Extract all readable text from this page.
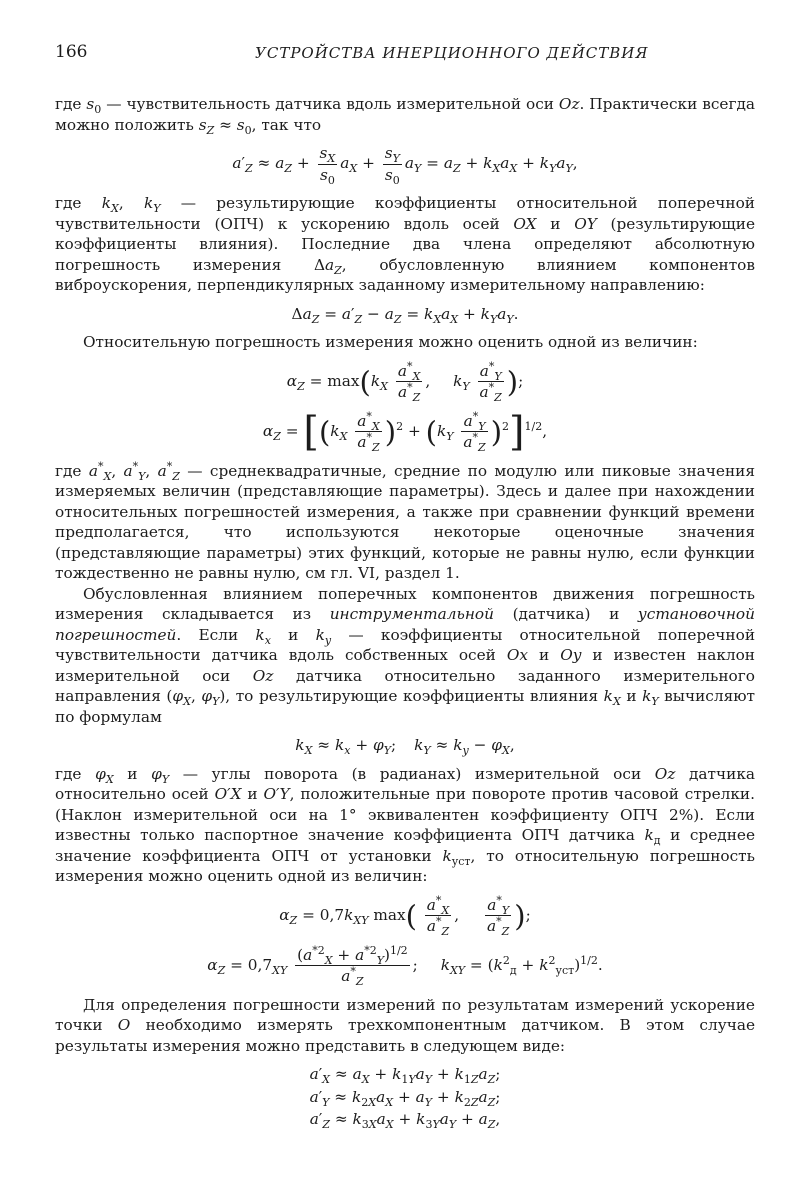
166	УСТРОЙСТВА ИНЕРЦИОННОГО ДЕЙСТВИЯ

где $s_0$ — чувствительность датчика вдоль измерительной оси Oz. Практически всегда можно положить $s_Z \approx s_0$, так что

$a'_Z \approx a_Z + \frac{s_X}{s_0} a_X + \frac{s_Y}{s_0} a_Y = a_Z + k_Xa_X + k_Ya_Y$,

где $k_X$, $k_Y$ — результирующие коэффициенты относительной поперечной чувствительности (ОПЧ) к ускорению вдоль осей OX и OY (результирующие коэффициенты влияния). Последние два члена определяют абсолютную погрешность измерения $\Delta a_Z$, обусловленную влиянием компонентов виброускорения, перпендикулярных заданному измерительному направлению:

$\Delta a_Z = a'_Z - a_Z = k_Xa_X + k_Ya_Y$.

Относительную погрешность измерения можно оценить одной из величин:

$\alpha_Z = \max(k_X \frac{a^*_X}{a^*_Z}$ , $k_Y \frac{a^*_Y}{a^*_Z}$ );
$\alpha_Z = [(k_X \frac{a^*_X}{a^*_Z} )^2 + (k_Y \frac{a^*_Y}{a^*_Z} )^2]^{1/2}$,

где $a^*_X$, $a^*_Y$, $a^*_Z$ — среднеквадратичные, средние по модулю или пиковые значения измеряемых величин (представляющие параметры). Здесь и далее при нахождении относительных погрешностей измерения, а также при сравнении функций времени предполагается, что используются некоторые оценочные значения (представляющие параметры) этих функций, которые не равны нулю, если функции тождественно не равны нулю, см гл. VI, раздел 1.

Обусловленная влиянием поперечных компонентов движения погрешность измерения складывается из инструментальной (датчика) и установочной погрешностей. Если $k_x$ и $k_y$ — коэффициенты относительной поперечной чувствительности датчика вдоль собственных осей Ox и Oy и известен наклон измерительной оси Oz датчика относительно заданного измерительного направления ($\varphi_X$, $\varphi_Y$), то результирующие коэффициенты влияния $k_X$ и $k_Y$ вычисляют по формулам

$k_X \approx k_x + \varphi_Y$; $k_Y \approx k_y - \varphi_X$,

где $\varphi_X$ и $\varphi_Y$ — углы поворота (в радианах) измерительной оси Oz датчика относительно осей O′X и O′Y, положительные при повороте против часовой стрелки. (Наклон измерительной оси на 1° эквивалентен коэффициенту ОПЧ 2%). Если известны только паспортное значение коэффициента ОПЧ датчика $k_д$ и среднее значение коэффициента ОПЧ от установки $k_{уст}$, то относительную погрешность измерения можно оценить одной из величин:

$\alpha_Z = 0,7k_{XY}$ $\max( \frac{a^*_X}{a^*_Z}$ , $\frac{a^*_Y}{a^*_Z}$ );
$\alpha_Z = 0,7_{XY} \frac{(a^{*2}_X + a^{*2}_Y)^{1/2}}{a^*_Z}$ ; $k_{XY} = (k^2_д + k^2_{уст})^{1/2}$.

Для определения погрешности измерений по результатам измерений ускорение точки O необходимо измерять трехкомпонентным датчиком. В этом случае результаты измерения можно представить в следующем виде:

$a'_X \approx a_X + k_{1Y}a_Y + k_{1Z}a_Z$;
$a'_Y \approx k_{2X}a_X + a_Y + k_{2Z}a_Z$;
$a'_Z \approx k_{3X}a_X + k_{3Y}a_Y + a_Z$,
